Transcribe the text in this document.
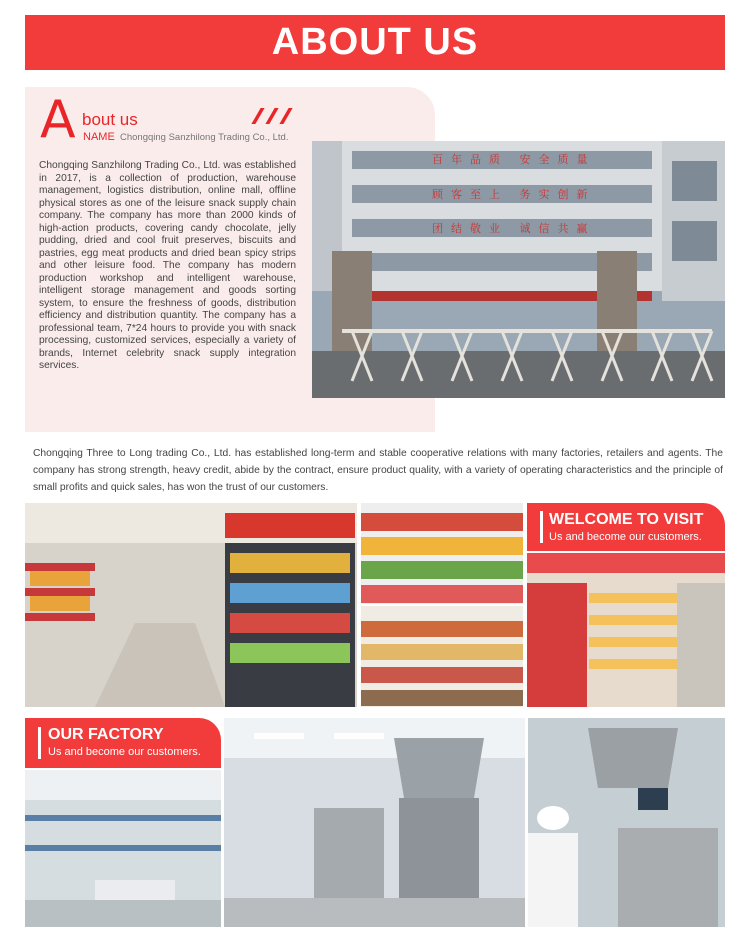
ABOUT US
A bout us
NAME Chongqing Sanzhilong Trading Co., Ltd.

Chongqing Sanzhilong Trading Co., Ltd. was established in 2017, is a collection of production, warehouse management, logistics distribution, online mall, offline physical stores as one of the leisure snack supply chain company. The company has more than 2000 kinds of high-action products, covering candy chocolate, jelly pudding, dried and cool fruit preserves, biscuits and pastries, egg meat products and dried bean spicy strips and other leisure food. The company has modern production workshop and intelligent warehouse, intelligent storage management and goods sorting system, to ensure the freshness of goods, distribution efficiency and distribution quantity. The company has a professional team, 7*24 hours to provide you with snack processing, customized services, especially a variety of brands, Internet celebrity snack supply integration services.

百年品质 安全质量
顾客至上 务实创新
团结敬业 诚信共赢

Chongqing Three to Long trading Co., Ltd. has established long-term and stable cooperative relations with many factories, retailers and agents. The company has strong strength, heavy credit, abide by the contract, ensure product quality, with a variety of operating characteristics and the principle of small profits and quick sales, has won the trust of our customers.

WELCOME TO VISIT
Us and become our customers.
OUR FACTORY
Us and become our customers.
